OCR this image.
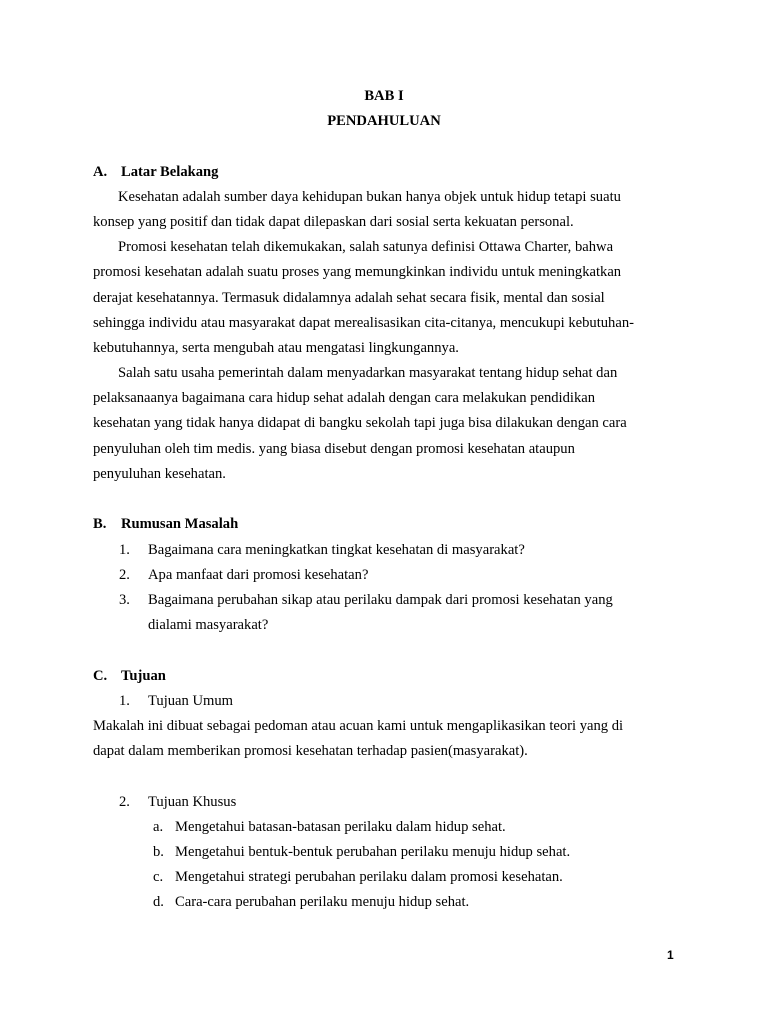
BAB I
PENDAHULUAN
A. Latar Belakang
Kesehatan adalah sumber daya kehidupan bukan hanya objek untuk hidup tetapi suatu
konsep yang positif dan tidak dapat dilepaskan dari sosial serta kekuatan personal.
Promosi kesehatan telah dikemukakan, salah satunya definisi Ottawa Charter, bahwa
promosi kesehatan adalah suatu proses yang memungkinkan individu untuk meningkatkan
derajat kesehatannya. Termasuk didalamnya adalah sehat secara fisik, mental dan sosial
sehingga individu atau masyarakat dapat merealisasikan cita-citanya, mencukupi kebutuhan-
kebutuhannya, serta mengubah atau mengatasi lingkungannya.
Salah satu usaha pemerintah dalam menyadarkan masyarakat tentang hidup sehat dan
pelaksanaanya bagaimana cara hidup sehat adalah dengan cara melakukan pendidikan
kesehatan yang tidak hanya didapat di bangku sekolah tapi juga bisa dilakukan dengan cara
penyuluhan oleh tim medis. yang biasa disebut dengan promosi kesehatan ataupun
penyuluhan kesehatan.
B. Rumusan Masalah
1. Bagaimana cara meningkatkan tingkat kesehatan di masyarakat?
2. Apa manfaat dari promosi kesehatan?
3. Bagaimana perubahan sikap atau perilaku dampak dari promosi kesehatan yang
dialami masyarakat?
C. Tujuan
1. Tujuan Umum
Makalah ini dibuat sebagai pedoman atau acuan kami untuk mengaplikasikan teori yang di
dapat dalam memberikan promosi kesehatan terhadap pasien(masyarakat).
2. Tujuan Khusus
a. Mengetahui batasan-batasan perilaku dalam hidup sehat.
b. Mengetahui bentuk-bentuk perubahan perilaku menuju hidup sehat.
c. Mengetahui strategi perubahan perilaku dalam promosi kesehatan.
d. Cara-cara perubahan perilaku menuju hidup sehat.
1
